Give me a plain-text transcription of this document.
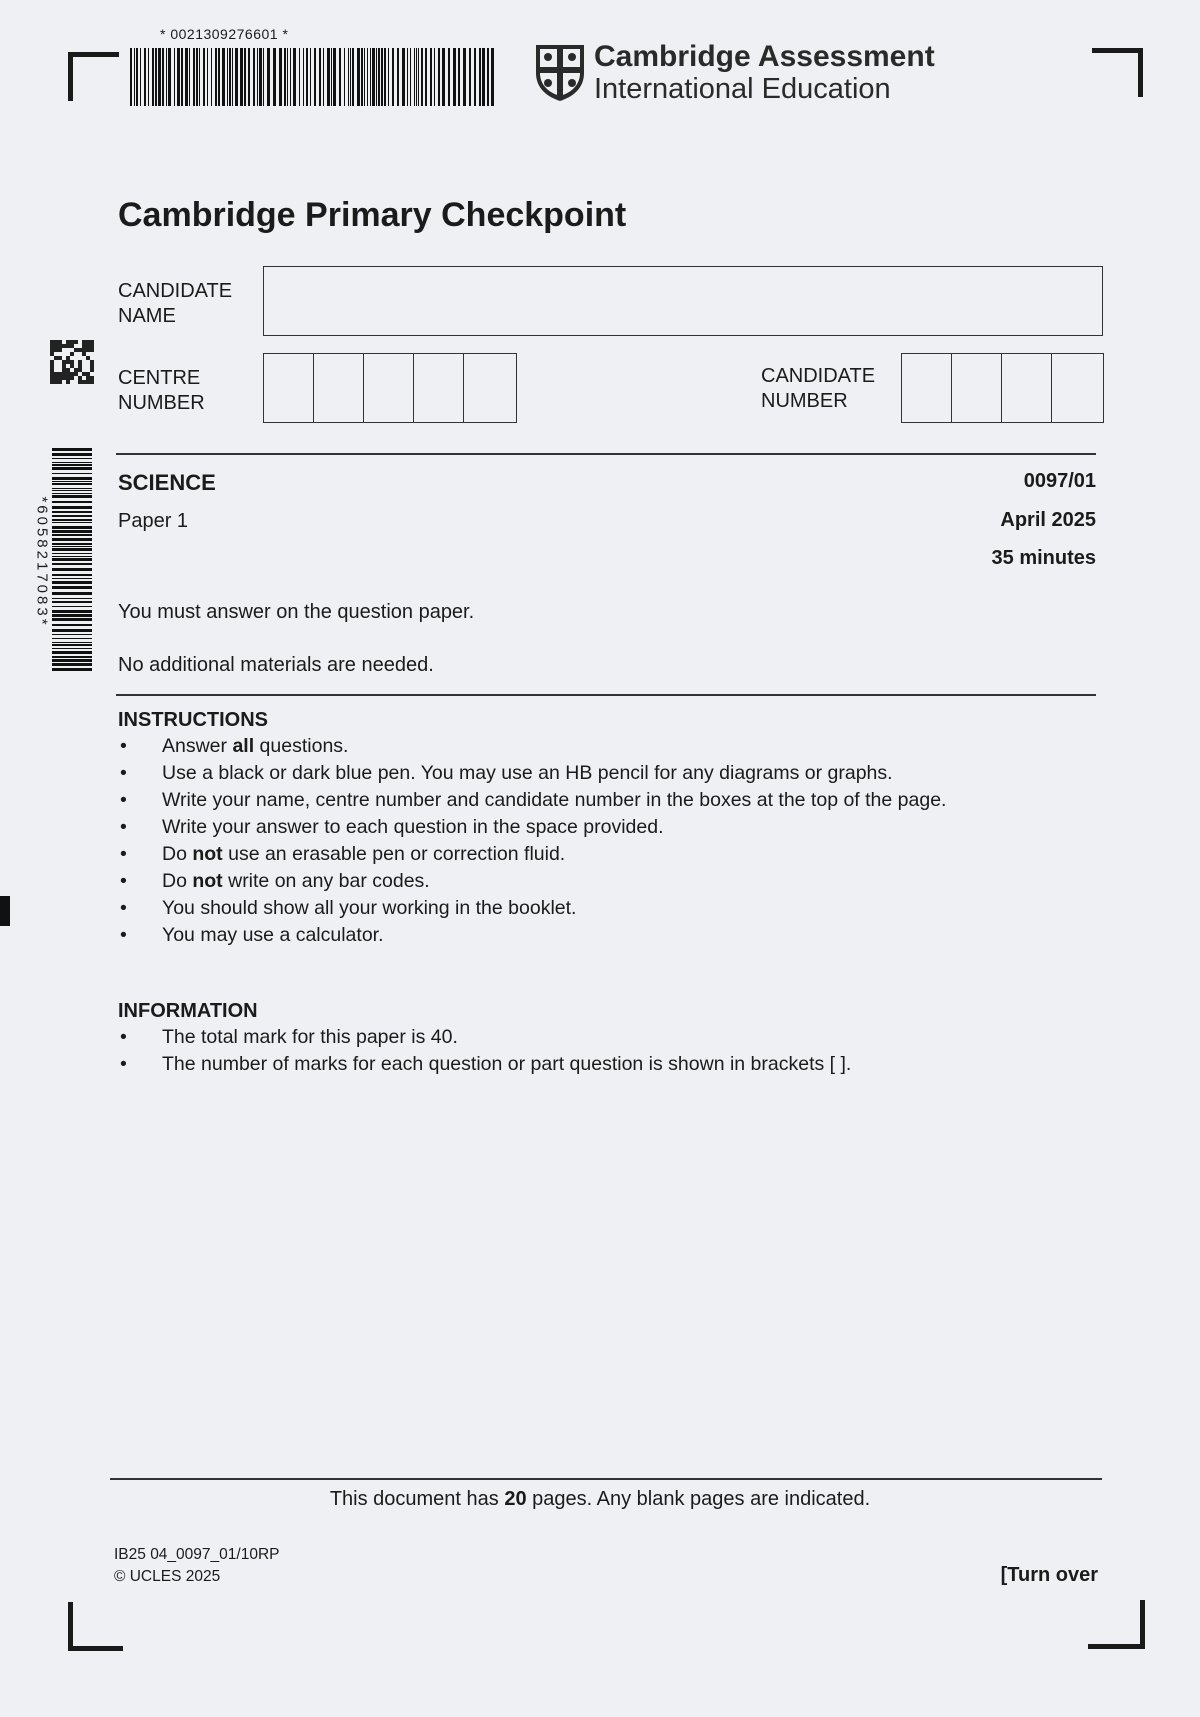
* 0021309276601 *
Cambridge Assessment
International Education
Cambridge Primary Checkpoint
CANDIDATE
NAME
CENTRE
NUMBER
CANDIDATE
NUMBER
*6058217083*
SCIENCE
Paper 1
0097/01
April 2025
35 minutes
You must answer on the question paper.
No additional materials are needed.
INSTRUCTIONS
• Answer all questions.
• Use a black or dark blue pen. You may use an HB pencil for any diagrams or graphs.
• Write your name, centre number and candidate number in the boxes at the top of the page.
• Write your answer to each question in the space provided.
• Do not use an erasable pen or correction fluid.
• Do not write on any bar codes.
• You should show all your working in the booklet.
• You may use a calculator.
INFORMATION
• The total mark for this paper is 40.
• The number of marks for each question or part question is shown in brackets [ ].
This document has 20 pages. Any blank pages are indicated.
IB25 04_0097_01/10RP
© UCLES 2025	[Turn over
